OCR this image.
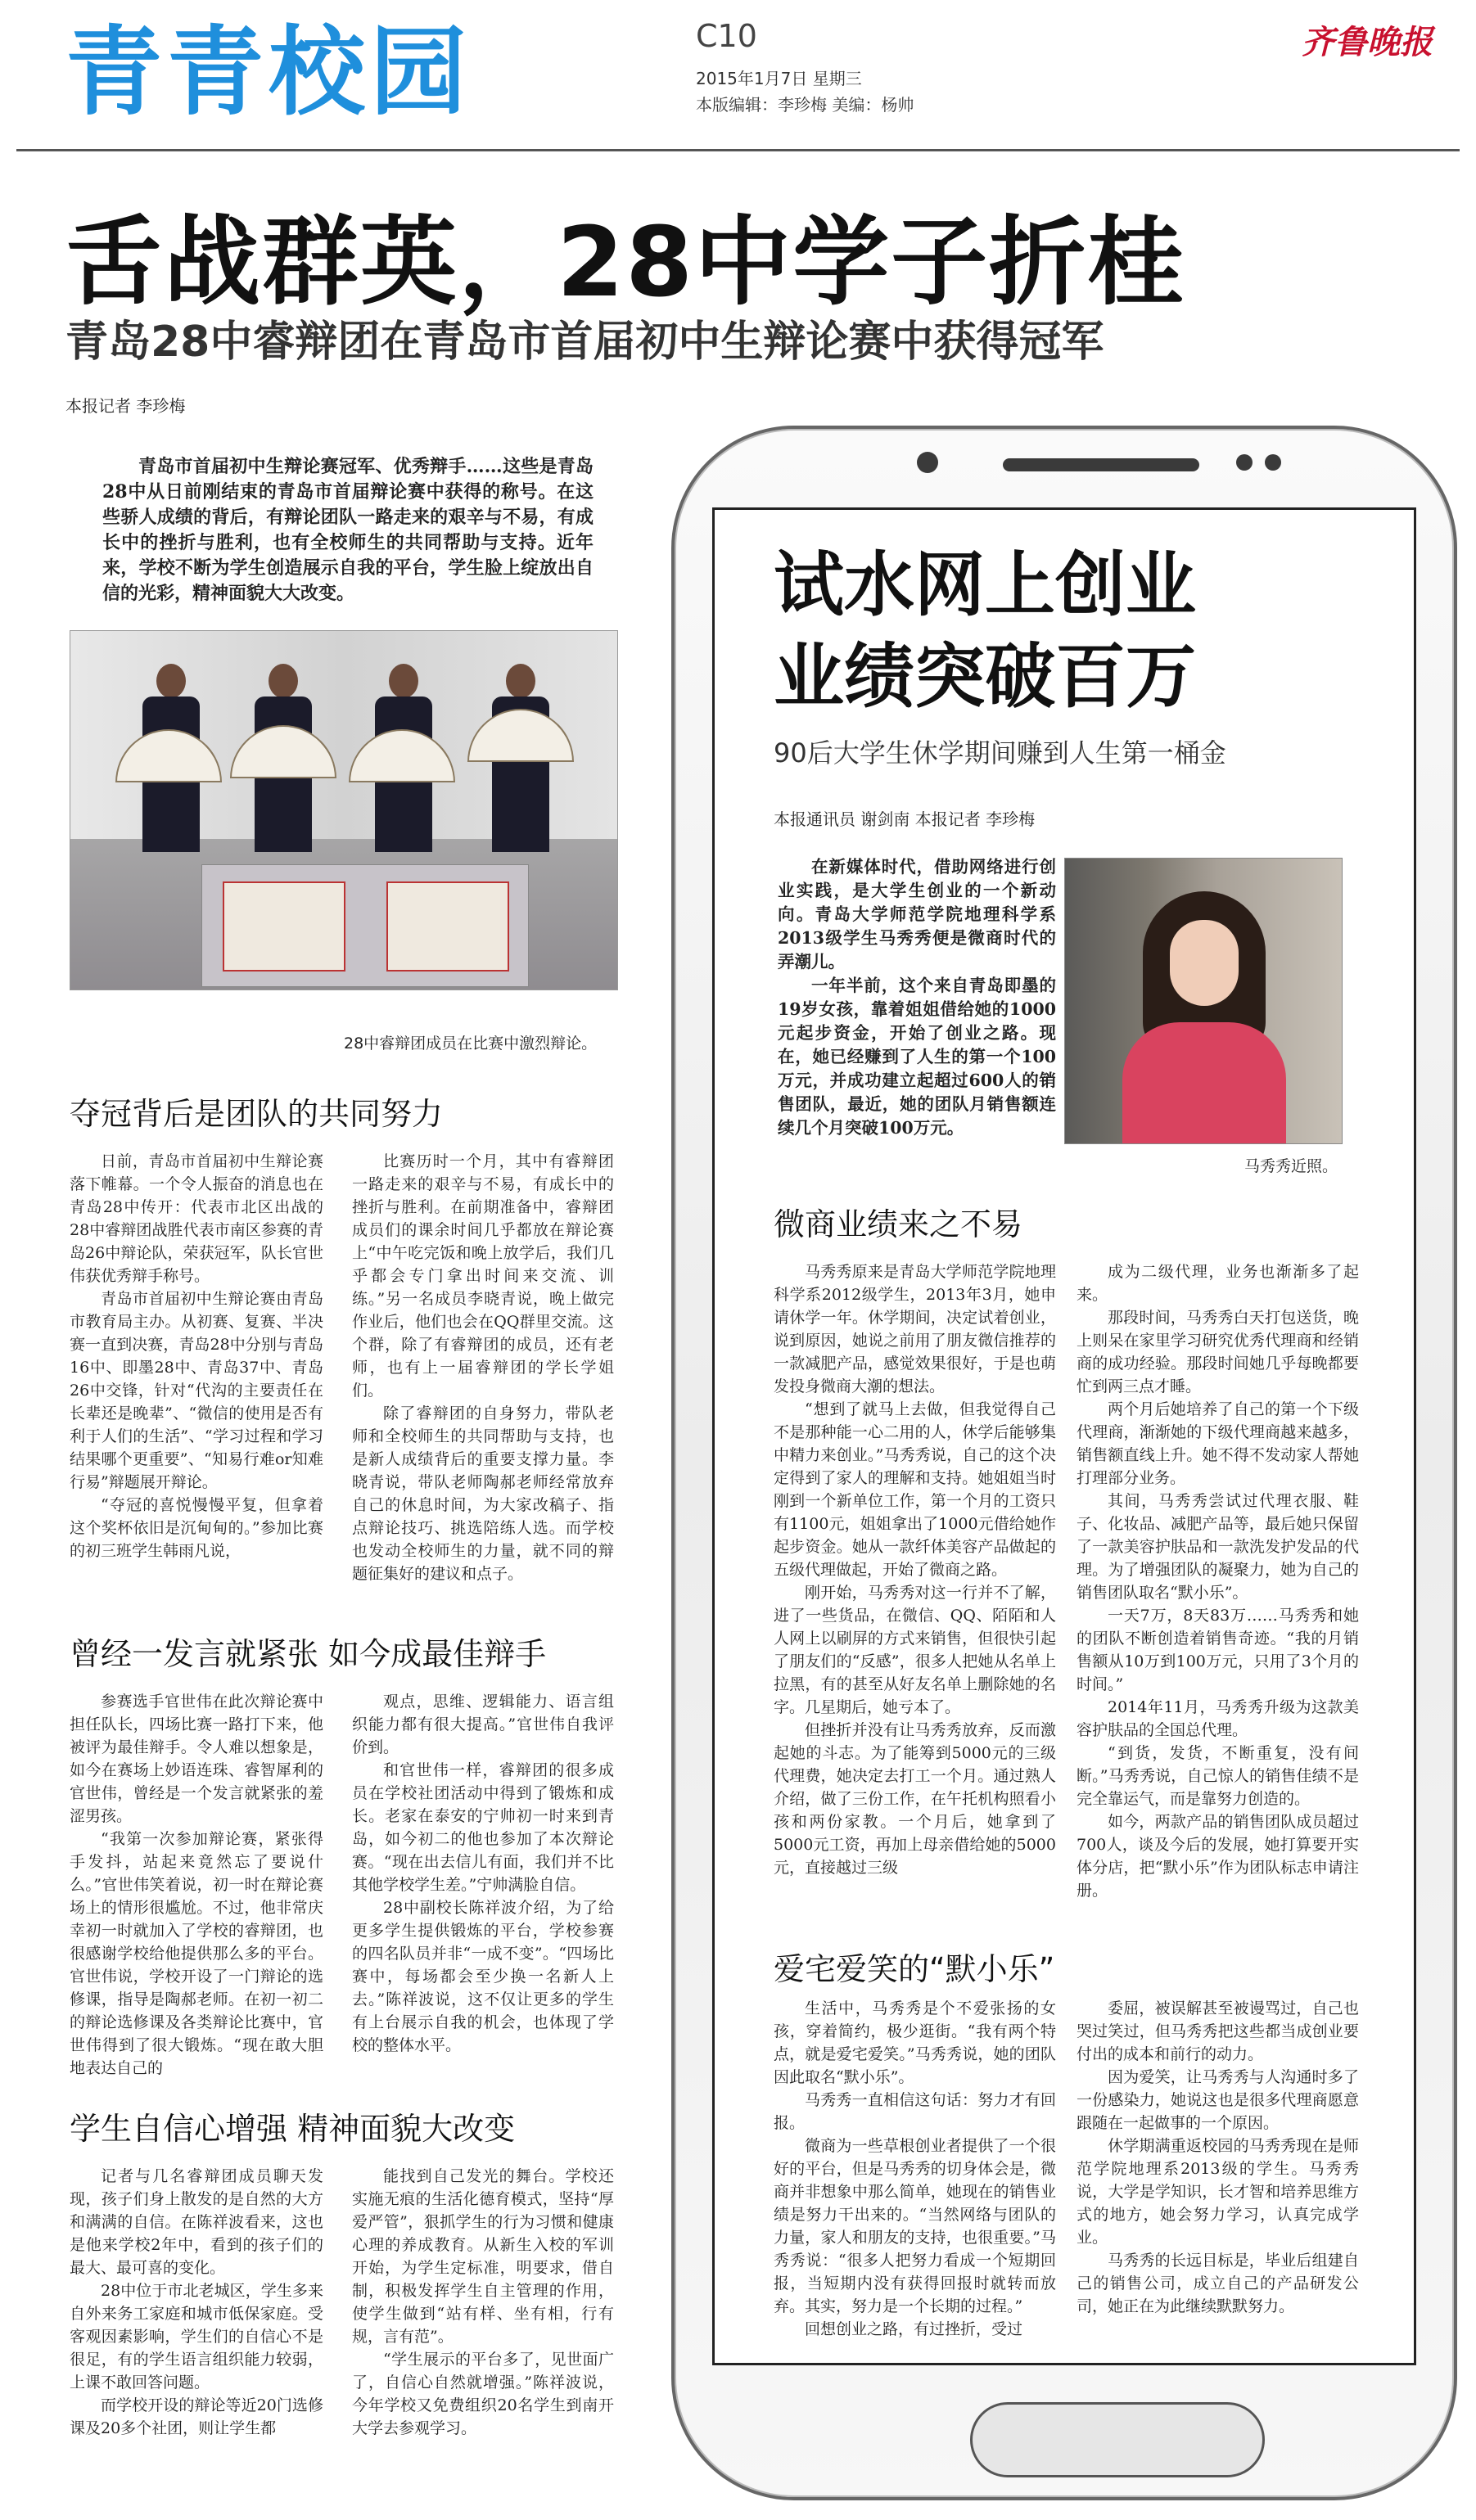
青青校园	C10
2015年1月7日 星期三
本版编辑：李珍梅 美编：杨帅
齐鲁晚报
舌战群英，28中学子折桂
青岛28中睿辩团在青岛市首届初中生辩论赛中获得冠军
本报记者 李珍梅
青岛市首届初中生辩论赛冠军、优秀辩手……这些是青岛28中从日前刚结束的青岛市首届辩论赛中获得的称号。在这些骄人成绩的背后，有辩论团队一路走来的艰辛与不易，有成长中的挫折与胜利，也有全校师生的共同帮助与支持。近年来，学校不断为学生创造展示自我的平台，学生脸上绽放出自信的光彩，精神面貌大大改变。
28中睿辩团成员在比赛中激烈辩论。
夺冠背后是团队的共同努力

日前，青岛市首届初中生辩论赛落下帷幕。一个令人振奋的消息也在青岛28中传开：代表市北区出战的28中睿辩团战胜代表市南区参赛的青岛26中辩论队，荣获冠军，队长官世伟获优秀辩手称号。

青岛市首届初中生辩论赛由青岛市教育局主办。从初赛、复赛、半决赛一直到决赛，青岛28中分别与青岛16中、即墨28中、青岛37中、青岛26中交锋，针对“代沟的主要责任在长辈还是晚辈”、“微信的使用是否有利于人们的生活”、“学习过程和学习结果哪个更重要”、“知易行难or知难行易”辩题展开辩论。

“夺冠的喜悦慢慢平复，但拿着这个奖杯依旧是沉甸甸的。”参加比赛的初三班学生韩雨凡说，

比赛历时一个月，其中有睿辩团一路走来的艰辛与不易，有成长中的挫折与胜利。在前期准备中，睿辩团成员们的课余时间几乎都放在辩论赛上“中午吃完饭和晚上放学后，我们几乎都会专门拿出时间来交流、训练。”另一名成员李晓青说，晚上做完作业后，他们也会在QQ群里交流。这个群，除了有睿辩团的成员，还有老师，也有上一届睿辩团的学长学姐们。

除了睿辩团的自身努力，带队老师和全校师生的共同帮助与支持，也是新人成绩背后的重要支撑力量。李晓青说，带队老师陶郝老师经常放弃自己的休息时间，为大家改稿子、指点辩论技巧、挑选陪练人选。而学校也发动全校师生的力量，就不同的辩题征集好的建议和点子。

曾经一发言就紧张 如今成最佳辩手

参赛选手官世伟在此次辩论赛中担任队长，四场比赛一路打下来，他被评为最佳辩手。令人难以想象是，如今在赛场上妙语连珠、睿智犀利的官世伟，曾经是一个发言就紧张的羞涩男孩。

“我第一次参加辩论赛，紧张得手发抖，站起来竟然忘了要说什么。”官世伟笑着说，初一时在辩论赛场上的情形很尴尬。不过，他非常庆幸初一时就加入了学校的睿辩团，也很感谢学校给他提供那么多的平台。官世伟说，学校开设了一门辩论的选修课，指导是陶郝老师。在初一初二的辩论选修课及各类辩论比赛中，官世伟得到了很大锻炼。“现在敢大胆地表达自己的

观点，思维、逻辑能力、语言组织能力都有很大提高。”官世伟自我评价到。

和官世伟一样，睿辩团的很多成员在学校社团活动中得到了锻炼和成长。老家在泰安的宁帅初一时来到青岛，如今初二的他也参加了本次辩论赛。“现在出去信儿有面，我们并不比其他学校学生差。”宁帅满脸自信。

28中副校长陈祥波介绍，为了给更多学生提供锻炼的平台，学校参赛的四名队员并非“一成不变”。“四场比赛中，每场都会至少换一名新人上去。”陈祥波说，这不仅让更多的学生有上台展示自我的机会，也体现了学校的整体水平。

学生自信心增强 精神面貌大改变

记者与几名睿辩团成员聊天发现，孩子们身上散发的是自然的大方和满满的自信。在陈祥波看来，这也是他来学校2年中，看到的孩子们的最大、最可喜的变化。

28中位于市北老城区，学生多来自外来务工家庭和城市低保家庭。受客观因素影响，学生们的自信心不是很足，有的学生语言组织能力较弱，上课不敢回答问题。

而学校开设的辩论等近20门选修课及20多个社团，则让学生都

能找到自己发光的舞台。学校还实施无痕的生活化德育模式，坚持“厚爱严管”，狠抓学生的行为习惯和健康心理的养成教育。从新生入校的军训开始，为学生定标准，明要求，借自制，积极发挥学生自主管理的作用，使学生做到“站有样、坐有相，行有规，言有范”。

“学生展示的平台多了，见世面广了，自信心自然就增强。”陈祥波说，今年学校又免费组织20名学生到南开大学去参观学习。

试水网上创业
业绩突破百万
90后大学生休学期间赚到人生第一桶金
本报通讯员 谢剑南 本报记者 李珍梅

在新媒体时代，借助网络进行创业实践，是大学生创业的一个新动向。青岛大学师范学院地理科学系2013级学生马秀秀便是微商时代的弄潮儿。

一年半前，这个来自青岛即墨的19岁女孩，靠着姐姐借给她的1000元起步资金，开始了创业之路。现在，她已经赚到了人生的第一个100万元，并成功建立起超过600人的销售团队，最近，她的团队月销售额连续几个月突破100万元。

马秀秀近照。
微商业绩来之不易

马秀秀原来是青岛大学师范学院地理科学系2012级学生，2013年3月，她申请休学一年。休学期间，决定试着创业，说到原因，她说之前用了朋友微信推荐的一款减肥产品，感觉效果很好，于是也萌发投身微商大潮的想法。

“想到了就马上去做，但我觉得自己不是那种能一心二用的人，休学后能够集中精力来创业。”马秀秀说，自己的这个决定得到了家人的理解和支持。她姐姐当时刚到一个新单位工作，第一个月的工资只有1100元，姐姐拿出了1000元借给她作起步资金。她从一款纤体美容产品做起的五级代理做起，开始了微商之路。

刚开始，马秀秀对这一行并不了解，进了一些货品，在微信、QQ、陌陌和人人网上以刷屏的方式来销售，但很快引起了朋友们的“反感”，很多人把她从名单上拉黑，有的甚至从好友名单上删除她的名字。几星期后，她亏本了。

但挫折并没有让马秀秀放弃，反而激起她的斗志。为了能筹到5000元的三级代理费，她决定去打工一个月。通过熟人介绍，做了三份工作，在午托机构照看小孩和两份家教。一个月后，她拿到了5000元工资，再加上母亲借给她的5000元，直接越过三级

成为二级代理，业务也渐渐多了起来。

那段时间，马秀秀白天打包送货，晚上则呆在家里学习研究优秀代理商和经销商的成功经验。那段时间她几乎每晚都要忙到两三点才睡。

两个月后她培养了自己的第一个下级代理商，渐渐她的下级代理商越来越多，销售额直线上升。她不得不发动家人帮她打理部分业务。

其间，马秀秀尝试过代理衣服、鞋子、化妆品、减肥产品等，最后她只保留了一款美容护肤品和一款洗发护发品的代理。为了增强团队的凝聚力，她为自己的销售团队取名“默小乐”。

一天7万，8天83万……马秀秀和她的团队不断创造着销售奇迹。“我的月销售额从10万到100万元，只用了3个月的时间。”

2014年11月，马秀秀升级为这款美容护肤品的全国总代理。

“到货，发货，不断重复，没有间断。”马秀秀说，自己惊人的销售佳绩不是完全靠运气，而是靠努力创造的。

如今，两款产品的销售团队成员超过700人，谈及今后的发展，她打算要开实体分店，把“默小乐”作为团队标志申请注册。

爱宅爱笑的“默小乐”

生活中，马秀秀是个不爱张扬的女孩，穿着简约，极少逛街。“我有两个特点，就是爱宅爱笑。”马秀秀说，她的团队因此取名“默小乐”。

马秀秀一直相信这句话：努力才有回报。

微商为一些草根创业者提供了一个很好的平台，但是马秀秀的切身体会是，微商并非想象中那么简单，她现在的销售业绩是努力干出来的。“当然网络与团队的力量，家人和朋友的支持，也很重要。”马秀秀说：“很多人把努力看成一个短期回报，当短期内没有获得回报时就转而放弃。其实，努力是一个长期的过程。”

回想创业之路，有过挫折，受过

委屈，被误解甚至被谩骂过，自己也哭过笑过，但马秀秀把这些都当成创业要付出的成本和前行的动力。

因为爱笑，让马秀秀与人沟通时多了一份感染力，她说这也是很多代理商愿意跟随在一起做事的一个原因。

休学期满重返校园的马秀秀现在是师范学院地理系2013级的学生。马秀秀说，大学是学知识，长才智和培养思维方式的地方，她会努力学习，认真完成学业。

马秀秀的长远目标是，毕业后组建自己的销售公司，成立自己的产品研发公司，她正在为此继续默默努力。
